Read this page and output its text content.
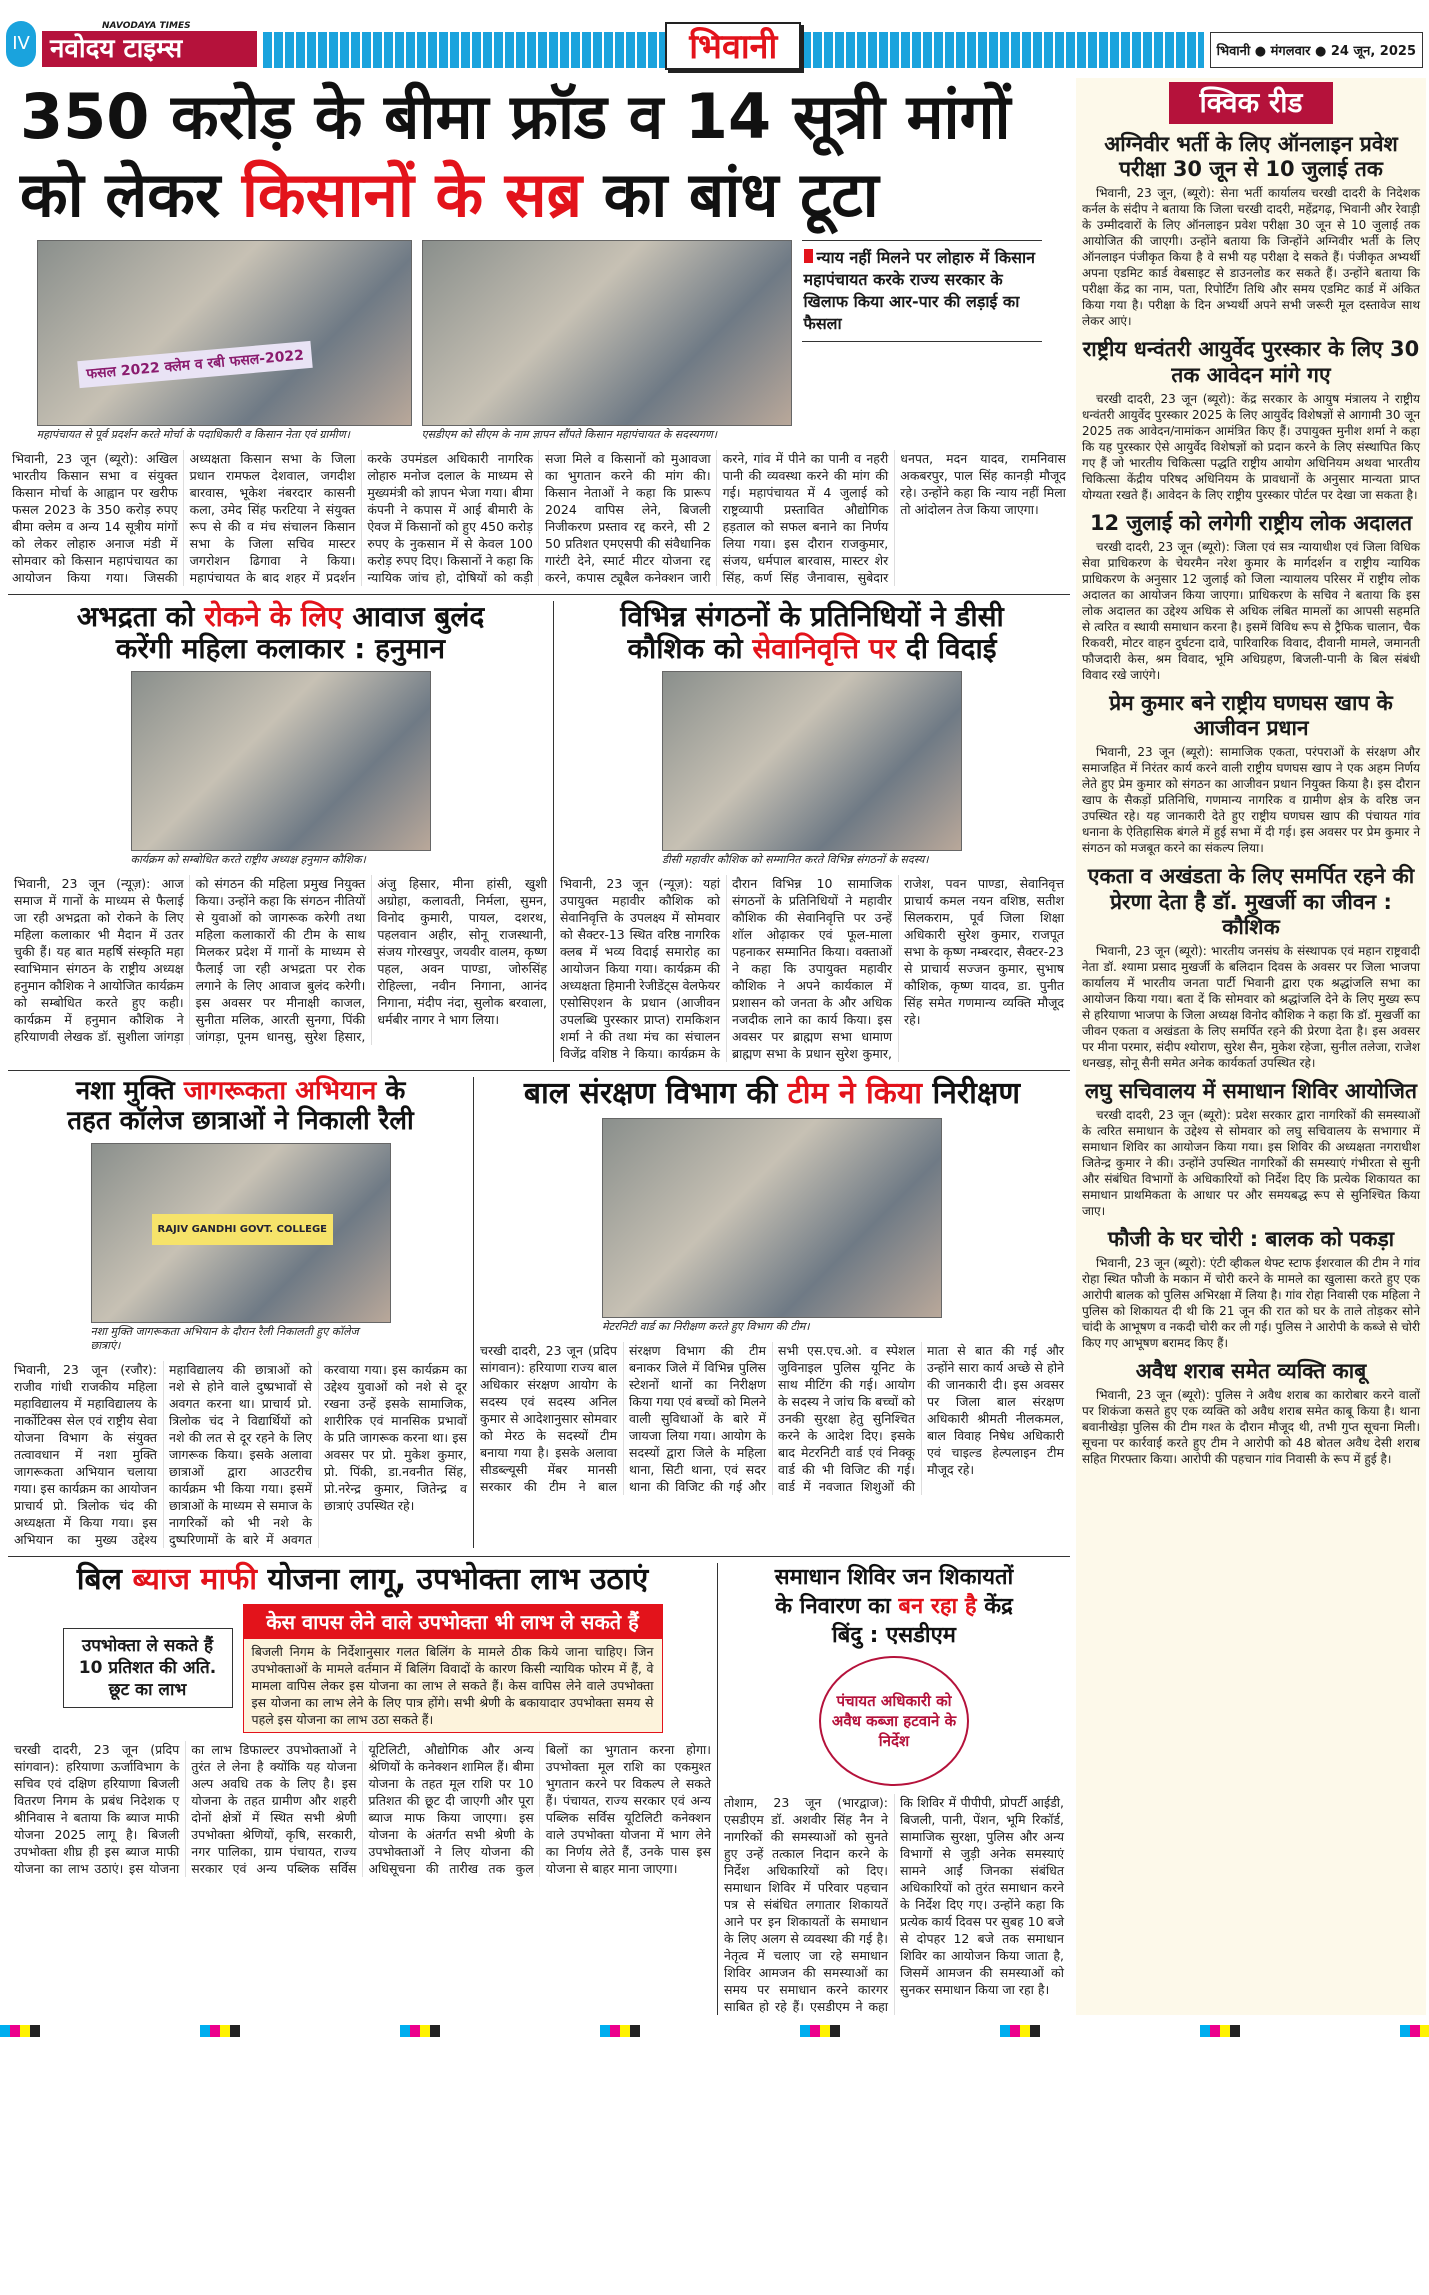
IV
NAVODAYA TIMES
नवोदय टाइम्स	भिवानी	भिवानी ● मंगलवार ● 24 जून, 2025
350 करोड़ के बीमा फ्रॉड व 14 सूत्री मांगों
को लेकर किसानों के सब्र का बांध टूटा
फसल 2022 क्लेम व रबी फसल-2022
महापंचायत से पूर्व प्रदर्शन करते मोर्चा के पदाधिकारी व किसान नेता एवं ग्रामीण।	एसडीएम को सीएम के नाम ज्ञापन सौंपते किसान महापंचायत के सदस्यगण।
न्याय नहीं मिलने पर लोहारु में किसान महापंचायत करके राज्य सरकार के खिलाफ किया आर-पार की लड़ाई का फैसला
भिवानी, 23 जून (ब्यूरो): अखिल भारतीय किसान सभा व संयुक्त किसान मोर्चा के आह्वान पर खरीफ फसल 2023 के 350 करोड़ रुपए बीमा क्लेम व अन्य 14 सूत्रीय मांगों को लेकर लोहारु अनाज मंडी में सोमवार को किसान महापंचायत का आयोजन किया गया। जिसकी अध्यक्षता किसान सभा के जिला प्रधान रामफल देशवाल, जगदीश बारवास, भूकेश नंबरदार कासनी कला, उमेद सिंह फरटिया ने संयुक्त रूप से की व मंच संचालन किसान सभा के जिला सचिव मास्टर जगरोशन ढिगावा ने किया। महापंचायत के बाद शहर में प्रदर्शन करके उपमंडल अधिकारी नागरिक लोहारु मनोज दलाल के माध्यम से मुख्यमंत्री को ज्ञापन भेजा गया। बीमा कंपनी ने कपास में आई बीमारी के ऐवज में किसानों को हुए 450 करोड़ रुपए के नुकसान में से केवल 100 करोड़ रुपए दिए। किसानों ने कहा कि न्यायिक जांच हो, दोषियों को कड़ी सजा मिले व किसानों को मुआवजा का भुगतान करने की मांग की। किसान नेताओं ने कहा कि प्रारूप 2024 वापिस लेने, बिजली निजीकरण प्रस्ताव रद्द करने, सी 2 50 प्रतिशत एमएसपी की संवैधानिक गारंटी देने, स्मार्ट मीटर योजना रद्द करने, कपास ट्यूबैल कनेक्शन जारी करने, गांव में पीने का पानी व नहरी पानी की व्यवस्था करने की मांग की गई। महापंचायत में 4 जुलाई को राष्ट्रव्यापी प्रस्तावित औद्योगिक हड़ताल को सफल बनाने का निर्णय लिया गया। इस दौरान राजकुमार, संजय, धर्मपाल बारवास, मास्टर शेर सिंह, कर्ण सिंह जैनावास, सुबेदार धनपत, मदन यादव, रामनिवास अकबरपुर, पाल सिंह कानड़ी मौजूद रहे। उन्होंने कहा कि न्याय नहीं मिला तो आंदोलन तेज किया जाएगा।
अभद्रता को रोकने के लिए आवाज बुलंद
करेंगी महिला कलाकार : हनुमान
कार्यक्रम को सम्बोधित करते राष्ट्रीय अध्यक्ष हनुमान कौशिक।
भिवानी, 23 जून (न्यूज़): आज समाज में गानों के माध्यम से फैलाई जा रही अभद्रता को रोकने के लिए महिला कलाकार भी मैदान में उतर चुकी हैं। यह बात महर्षि संस्कृति महा स्वाभिमान संगठन के राष्ट्रीय अध्यक्ष हनुमान कौशिक ने आयोजित कार्यक्रम को सम्बोधित करते हुए कही। कार्यक्रम में हनुमान कौशिक ने हरियाणवी लेखक डॉ. सुशीला जांगड़ा को संगठन की महिला प्रमुख नियुक्त किया। उन्होंने कहा कि संगठन नीतियों से युवाओं को जागरूक करेगी तथा महिला कलाकारों की टीम के साथ मिलकर प्रदेश में गानों के माध्यम से फैलाई जा रही अभद्रता पर रोक लगाने के लिए आवाज बुलंद करेगी। इस अवसर पर मीनाक्षी काजल, सुनीता मलिक, आरती सुनगा, पिंकी जांगड़ा, पूनम धानसु, सुरेश हिसार, अंजु हिसार, मीना हांसी, खुशी अग्रोहा, कलावती, निर्मला, सुमन, विनोद कुमारी, पायल, दशरथ, पहलवान अहीर, सोनू राजस्थानी, संजय गोरखपुर, जयवीर वालम, कृष्ण पहल, अवन पाण्डा, जोरुसिंह रोहिल्ला, नवीन निगाना, आनंद निगाना, मंदीप नंदा, सुलोक बरवाला, धर्मबीर नागर ने भाग लिया।
विभिन्न संगठनों के प्रतिनिधियों ने डीसी
कौशिक को सेवानिवृत्ति पर दी विदाई
डीसी महावीर कौशिक को सम्मानित करते विभिन्न संगठनों के सदस्य।
भिवानी, 23 जून (न्यूज़): यहां उपायुक्त महावीर कौशिक को सेवानिवृत्ति के उपलक्ष्य में सोमवार को सैक्टर-13 स्थित वरिष्ठ नागरिक क्लब में भव्य विदाई समारोह का आयोजन किया गया। कार्यक्रम की अध्यक्षता हिमानी रेजीडेंट्स वेलफेयर एसोसिएशन के प्रधान (आजीवन उपलब्धि पुरस्कार प्राप्त) रामकिशन शर्मा ने की तथा मंच का संचालन विजेंद्र वशिष्ठ ने किया। कार्यक्रम के दौरान विभिन्न 10 सामाजिक संगठनों के प्रतिनिधियों ने महावीर कौशिक की सेवानिवृत्ति पर उन्हें शॉल ओढ़ाकर एवं फूल-माला पहनाकर सम्मानित किया। वक्ताओं ने कहा कि उपायुक्त महावीर कौशिक ने अपने कार्यकाल में प्रशासन को जनता के और अधिक नजदीक लाने का कार्य किया। इस अवसर पर ब्राह्मण सभा धामाण ब्राह्मण सभा के प्रधान सुरेश कुमार, राजेश, पवन पाण्डा, सेवानिवृत्त प्राचार्य कमल नयन वशिष्ठ, सतीश सिलकराम, पूर्व जिला शिक्षा अधिकारी सुरेश कुमार, राजपूत सभा के कृष्ण नम्बरदार, सैक्टर-23 से प्राचार्य सज्जन कुमार, सुभाष कौशिक, कृष्ण यादव, डा. पुनीत सिंह समेत गणमान्य व्यक्ति मौजूद रहे।
नशा मुक्ति जागरूकता अभियान के
तहत कॉलेज छात्राओं ने निकाली रैली
RAJIV GANDHI GOVT. COLLEGE
नशा मुक्ति जागरूकता अभियान के दौरान रैली निकालती हुए कॉलेज छात्राएं।
भिवानी, 23 जून (रजौर): राजीव गांधी राजकीय महिला महाविद्यालय में महाविद्यालय के नार्कोटिक्स सेल एवं राष्ट्रीय सेवा योजना विभाग के संयुक्त तत्वावधान में नशा मुक्ति जागरूकता अभियान चलाया गया। इस कार्यक्रम का आयोजन प्राचार्य प्रो. त्रिलोक चंद की अध्यक्षता में किया गया। इस अभियान का मुख्य उद्देश्य महाविद्यालय की छात्राओं को नशे से होने वाले दुष्प्रभावों से अवगत करना था। प्राचार्य प्रो. त्रिलोक चंद ने विद्यार्थियों को नशे की लत से दूर रहने के लिए जागरूक किया। इसके अलावा छात्राओं द्वारा आउटरीच कार्यक्रम भी किया गया। इसमें छात्राओं के माध्यम से समाज के नागरिकों को भी नशे के दुष्परिणामों के बारे में अवगत करवाया गया। इस कार्यक्रम का उद्देश्य युवाओं को नशे से दूर रखना उन्हें इसके सामाजिक, शारीरिक एवं मानसिक प्रभावों के प्रति जागरूक करना था। इस अवसर पर प्रो. मुकेश कुमार, प्रो. पिंकी, डा.नवनीत सिंह, प्रो.नरेन्द्र कुमार, जितेन्द्र व छात्राएं उपस्थित रहे।
बाल संरक्षण विभाग की टीम ने किया निरीक्षण
मेटरनिटी वार्ड का निरीक्षण करते हुए विभाग की टीम।
चरखी दादरी, 23 जून (प्रदिप सांगवान): हरियाणा राज्य बाल अधिकार संरक्षण आयोग के सदस्य एवं सदस्य अनिल कुमार से आदेशानुसार सोमवार को मेरठ के सदस्यों टीम बनाया गया है। इसके अलावा सीडब्ल्यूसी मेंबर मानसी सरकार की टीम ने बाल संरक्षण विभाग की टीम बनाकर जिले में विभिन्न पुलिस स्टेशनों थानों का निरीक्षण किया गया एवं बच्चों को मिलने वाली सुविधाओं के बारे में जायजा लिया गया। आयोग के सदस्यों द्वारा जिले के महिला थाना, सिटी थाना, एवं सदर थाना की विजिट की गई और सभी एस.एच.ओ. व स्पेशल जुविनाइल पुलिस यूनिट के साथ मीटिंग की गई। आयोग के सदस्य ने जांच कि बच्चों को उनकी सुरक्षा हेतु सुनिश्चित करने के आदेश दिए। इसके बाद मेटरनिटी वार्ड एवं निक्कू वार्ड की भी विजिट की गई। वार्ड में नवजात शिशुओं की माता से बात की गई और उन्होंने सारा कार्य अच्छे से होने की जानकारी दी। इस अवसर पर जिला बाल संरक्षण अधिकारी श्रीमती नीलकमल, बाल विवाह निषेध अधिकारी एवं चाइल्ड हेल्पलाइन टीम मौजूद रहे।
बिल ब्याज माफी योजना लागू, उपभोक्ता लाभ उठाएं
उपभोक्ता ले सकते हैं 10 प्रतिशत की अति. छूट का लाभ
केस वापस लेने वाले उपभोक्ता भी लाभ ले सकते हैं
बिजली निगम के निर्देशानुसार गलत बिलिंग के मामले ठीक किये जाना चाहिए। जिन उपभोक्ताओं के मामले वर्तमान में बिलिंग विवादों के कारण किसी न्यायिक फोरम में हैं, वे मामला वापिस लेकर इस योजना का लाभ ले सकते हैं। केस वापिस लेने वाले उपभोक्ता इस योजना का लाभ लेने के लिए पात्र होंगे। सभी श्रेणी के बकायादार उपभोक्ता समय से पहले इस योजना का लाभ उठा सकते हैं।
चरखी दादरी, 23 जून (प्रदिप सांगवान): हरियाणा ऊर्जाविभाग के सचिव एवं दक्षिण हरियाणा बिजली वितरण निगम के प्रबंध निदेशक ए श्रीनिवास ने बताया कि ब्याज माफी योजना 2025 लागू है। बिजली उपभोक्ता शीघ्र ही इस ब्याज माफी योजना का लाभ उठाएं। इस योजना का लाभ डिफाल्टर उपभोक्ताओं ने तुरंत ले लेना है क्योंकि यह योजना अल्प अवधि तक के लिए है। इस योजना के तहत ग्रामीण और शहरी दोनों क्षेत्रों में स्थित सभी श्रेणी उपभोक्ता श्रेणियों, कृषि, सरकारी, नगर पालिका, ग्राम पंचायत, राज्य सरकार एवं अन्य पब्लिक सर्विस यूटिलिटी, औद्योगिक और अन्य श्रेणियों के कनेक्शन शामिल हैं। बीमा योजना के तहत मूल राशि पर 10 प्रतिशत की छूट दी जाएगी और पूरा ब्याज माफ किया जाएगा। इस योजना के अंतर्गत सभी श्रेणी के उपभोक्ताओं ने लिए योजना की अधिसूचना की तारीख तक कुल बिलों का भुगतान करना होगा। उपभोक्ता मूल राशि का एकमुश्त भुगतान करने पर विकल्प ले सकते हैं। पंचायत, राज्य सरकार एवं अन्य पब्लिक सर्विस यूटिलिटी कनेक्शन वाले उपभोक्ता योजना में भाग लेने का निर्णय लेते हैं, उनके पास इस योजना से बाहर माना जाएगा।
समाधान शिविर जन शिकायतों
के निवारण का बन रहा है केंद्र
बिंदु : एसडीएम
पंचायत अधिकारी को अवैध कब्जा हटवाने के निर्देश
तोशाम, 23 जून (भारद्वाज): एसडीएम डॉ. अशवीर सिंह नैन ने नागरिकों की समस्याओं को सुनते हुए उन्हें तत्काल निदान करने के निर्देश अधिकारियों को दिए। समाधान शिविर में परिवार पहचान पत्र से संबंधित लगातार शिकायतें आने पर इन शिकायतों के समाधान के लिए अलग से व्यवस्था की गई है। नेतृत्व में चलाए जा रहे समाधान शिविर आमजन की समस्याओं का समय पर समाधान करने कारगर साबित हो रहे हैं। एसडीएम ने कहा कि शिविर में पीपीपी, प्रोपर्टी आईडी, बिजली, पानी, पेंशन, भूमि रिकॉर्ड, सामाजिक सुरक्षा, पुलिस और अन्य विभागों से जुड़ी अनेक समस्याएं सामने आईं जिनका संबंधित अधिकारियों को तुरंत समाधान करने के निर्देश दिए गए। उन्होंने कहा कि प्रत्येक कार्य दिवस पर सुबह 10 बजे से दोपहर 12 बजे तक समाधान शिविर का आयोजन किया जाता है, जिसमें आमजन की समस्याओं को सुनकर समाधान किया जा रहा है।
क्विक रीड
अग्निवीर भर्ती के लिए ऑनलाइन प्रवेश परीक्षा 30 जून से 10 जुलाई तक

भिवानी, 23 जून, (ब्यूरो): सेना भर्ती कार्यालय चरखी दादरी के निदेशक कर्नल के संदीप ने बताया कि जिला चरखी दादरी, महेंद्रगढ़, भिवानी और रेवाड़ी के उम्मीदवारों के लिए ऑनलाइन प्रवेश परीक्षा 30 जून से 10 जुलाई तक आयोजित की जाएगी। उन्होंने बताया कि जिन्होंने अग्निवीर भर्ती के लिए ऑनलाइन पंजीकृत किया है वे सभी यह परीक्षा दे सकते हैं। पंजीकृत अभ्यर्थी अपना एडमिट कार्ड वेबसाइट से डाउनलोड कर सकते हैं। उन्होंने बताया कि परीक्षा केंद्र का नाम, पता, रिपोर्टिंग तिथि और समय एडमिट कार्ड में अंकित किया गया है। परीक्षा के दिन अभ्यर्थी अपने सभी जरूरी मूल दस्तावेज साथ लेकर आएं।

राष्ट्रीय धन्वंतरी आयुर्वेद पुरस्कार के लिए 30 तक आवेदन मांगे गए

चरखी दादरी, 23 जून (ब्यूरो): केंद्र सरकार के आयुष मंत्रालय ने राष्ट्रीय धन्वंतरी आयुर्वेद पुरस्कार 2025 के लिए आयुर्वेद विशेषज्ञों से आगामी 30 जून 2025 तक आवेदन/नामांकन आमंत्रित किए हैं। उपायुक्त मुनीश शर्मा ने कहा कि यह पुरस्कार ऐसे आयुर्वेद विशेषज्ञों को प्रदान करने के लिए संस्थापित किए गए हैं जो भारतीय चिकित्सा पद्धति राष्ट्रीय आयोग अधिनियम अथवा भारतीय चिकित्सा केंद्रीय परिषद अधिनियम के प्रावधानों के अनुसार मान्यता प्राप्त योग्यता रखते हैं। आवेदन के लिए राष्ट्रीय पुरस्कार पोर्टल पर देखा जा सकता है।

12 जुलाई को लगेगी राष्ट्रीय लोक अदालत

चरखी दादरी, 23 जून (ब्यूरो): जिला एवं सत्र न्यायाधीश एवं जिला विधिक सेवा प्राधिकरण के चेयरमैन नरेश कुमार के मार्गदर्शन व राष्ट्रीय न्यायिक प्राधिकरण के अनुसार 12 जुलाई को जिला न्यायालय परिसर में राष्ट्रीय लोक अदालत का आयोजन किया जाएगा। प्राधिकरण के सचिव ने बताया कि इस लोक अदालत का उद्देश्य अधिक से अधिक लंबित मामलों का आपसी सहमति से त्वरित व स्थायी समाधान करना है। इसमें विविध रूप से ट्रैफिक चालान, चैक रिकवरी, मोटर वाहन दुर्घटना दावे, पारिवारिक विवाद, दीवानी मामले, जमानती फौजदारी केस, श्रम विवाद, भूमि अधिग्रहण, बिजली-पानी के बिल संबंधी विवाद रखे जाएंगे।

प्रेम कुमार बने राष्ट्रीय घणघस खाप के आजीवन प्रधान

भिवानी, 23 जून (ब्यूरो): सामाजिक एकता, परंपराओं के संरक्षण और समाजहित में निरंतर कार्य करने वाली राष्ट्रीय घणघस खाप ने एक अहम निर्णय लेते हुए प्रेम कुमार को संगठन का आजीवन प्रधान नियुक्त किया है। इस दौरान खाप के सैकड़ों प्रतिनिधि, गणमान्य नागरिक व ग्रामीण क्षेत्र के वरिष्ठ जन उपस्थित रहे। यह जानकारी देते हुए राष्ट्रीय घणघस खाप की पंचायत गांव धनाना के ऐतिहासिक बंगले में हुई सभा में दी गई। इस अवसर पर प्रेम कुमार ने संगठन को मजबूत करने का संकल्प लिया।

एकता व अखंडता के लिए समर्पित रहने की प्रेरणा देता है डॉ. मुखर्जी का जीवन : कौशिक

भिवानी, 23 जून (ब्यूरो): भारतीय जनसंघ के संस्थापक एवं महान राष्ट्रवादी नेता डॉ. श्यामा प्रसाद मुखर्जी के बलिदान दिवस के अवसर पर जिला भाजपा कार्यालय में भारतीय जनता पार्टी भिवानी द्वारा एक श्रद्धांजलि सभा का आयोजन किया गया। बता दें कि सोमवार को श्रद्धांजलि देने के लिए मुख्य रूप से हरियाणा भाजपा के जिला अध्यक्ष विनोद कौशिक ने कहा कि डॉ. मुखर्जी का जीवन एकता व अखंडता के लिए समर्पित रहने की प्रेरणा देता है। इस अवसर पर मीना परमार, संदीप श्योराण, सुरेश सैन, मुकेश रहेजा, सुनील तलेजा, राजेश धनखड़, सोनू सैनी समेत अनेक कार्यकर्ता उपस्थित रहे।

लघु सचिवालय में समाधान शिविर आयोजित

चरखी दादरी, 23 जून (ब्यूरो): प्रदेश सरकार द्वारा नागरिकों की समस्याओं के त्वरित समाधान के उद्देश्य से सोमवार को लघु सचिवालय के सभागार में समाधान शिविर का आयोजन किया गया। इस शिविर की अध्यक्षता नगराधीश जितेन्द्र कुमार ने की। उन्होंने उपस्थित नागरिकों की समस्याएं गंभीरता से सुनी और संबंधित विभागों के अधिकारियों को निर्देश दिए कि प्रत्येक शिकायत का समाधान प्राथमिकता के आधार पर और समयबद्ध रूप से सुनिश्चित किया जाए।

फौजी के घर चोरी : बालक को पकड़ा

भिवानी, 23 जून (ब्यूरो): एंटी व्हीकल थेफ्ट स्टाफ ईशरवाल की टीम ने गांव रोहा स्थित फौजी के मकान में चोरी करने के मामले का खुलासा करते हुए एक आरोपी बालक को पुलिस अभिरक्षा में लिया है। गांव रोहा निवासी एक महिला ने पुलिस को शिकायत दी थी कि 21 जून की रात को घर के ताले तोड़कर सोने चांदी के आभूषण व नकदी चोरी कर ली गई। पुलिस ने आरोपी के कब्जे से चोरी किए गए आभूषण बरामद किए हैं।

अवैध शराब समेत व्यक्ति काबू

भिवानी, 23 जून (ब्यूरो): पुलिस ने अवैध शराब का कारोबार करने वालों पर शिकंजा कसते हुए एक व्यक्ति को अवैध शराब समेत काबू किया है। थाना बवानीखेड़ा पुलिस की टीम गश्त के दौरान मौजूद थी, तभी गुप्त सूचना मिली। सूचना पर कार्रवाई करते हुए टीम ने आरोपी को 48 बोतल अवैध देसी शराब सहित गिरफ्तार किया। आरोपी की पहचान गांव निवासी के रूप में हुई है।
